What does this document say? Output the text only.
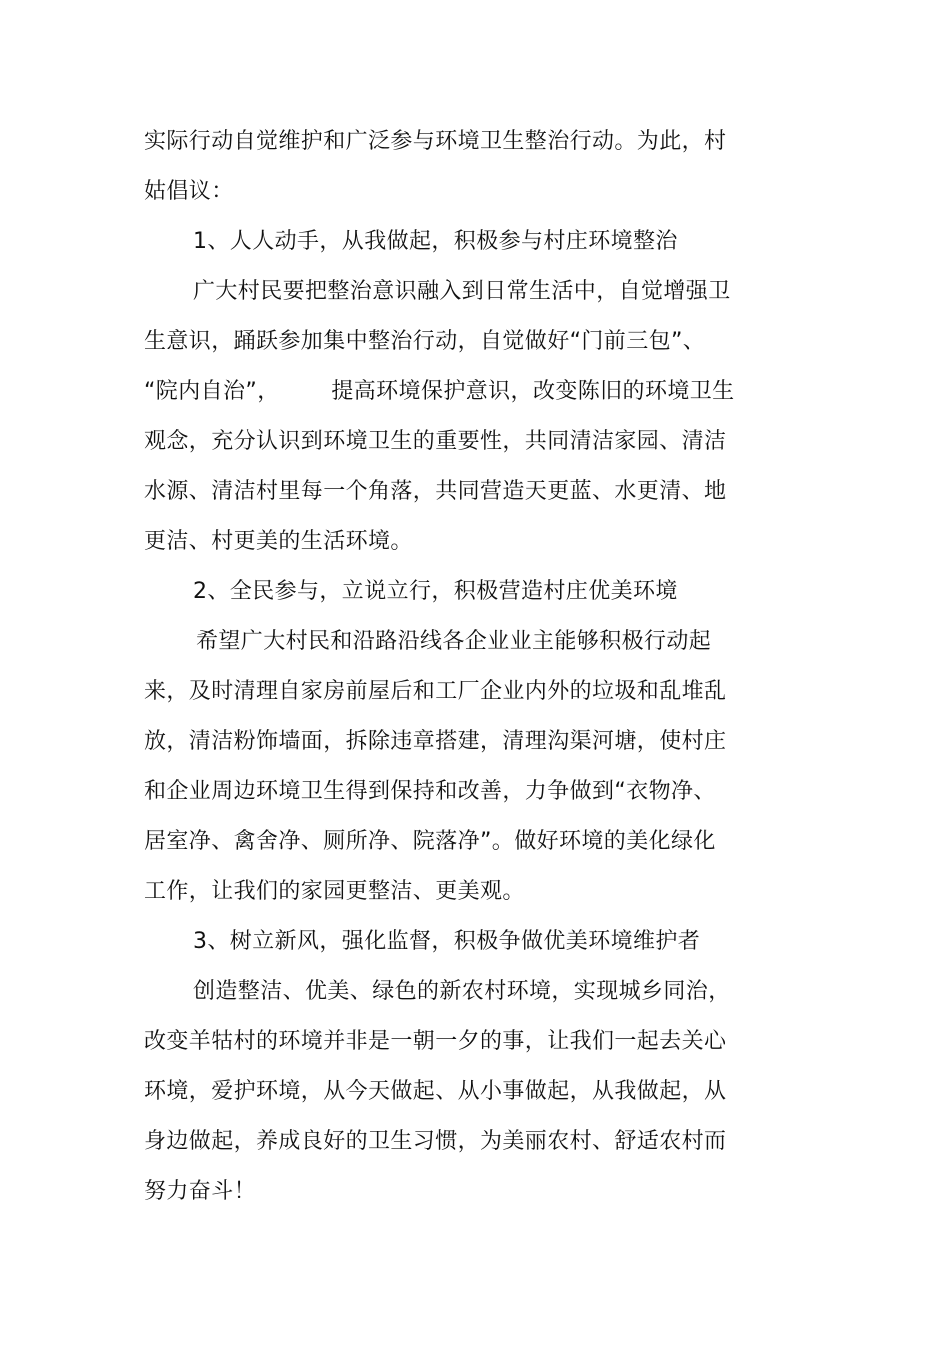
实际行动自觉维护和广泛参与环境卫生整治行动。为此，村
姑倡议：
1、人人动手，从我做起，积极参与村庄环境整治
广大村民要把整治意识融入到日常生活中，自觉增强卫
生意识，踊跃参加集中整治行动，自觉做好“门前三包”、
“院内自治”，       提高环境保护意识，改变陈旧的环境卫生
观念，充分认识到环境卫生的重要性，共同清洁家园、清洁
水源、清洁村里每一个角落，共同营造天更蓝、水更清、地
更洁、村更美的生活环境。
2、全民参与，立说立行，积极营造村庄优美环境
希望广大村民和沿路沿线各企业业主能够积极行动起
来，及时清理自家房前屋后和工厂企业内外的垃圾和乱堆乱
放，清洁粉饰墙面，拆除违章搭建，清理沟渠河塘，使村庄
和企业周边环境卫生得到保持和改善，力争做到“衣物净、
居室净、禽舍净、厕所净、院落净”。做好环境的美化绿化
工作，让我们的家园更整洁、更美观。
3、树立新风，强化监督，积极争做优美环境维护者
创造整洁、优美、绿色的新农村环境，实现城乡同治，
改变羊牯村的环境并非是一朝一夕的事，让我们一起去关心
环境，爱护环境，从今天做起、从小事做起，从我做起，从
身边做起，养成良好的卫生习惯，为美丽农村、舒适农村而
努力奋斗！
